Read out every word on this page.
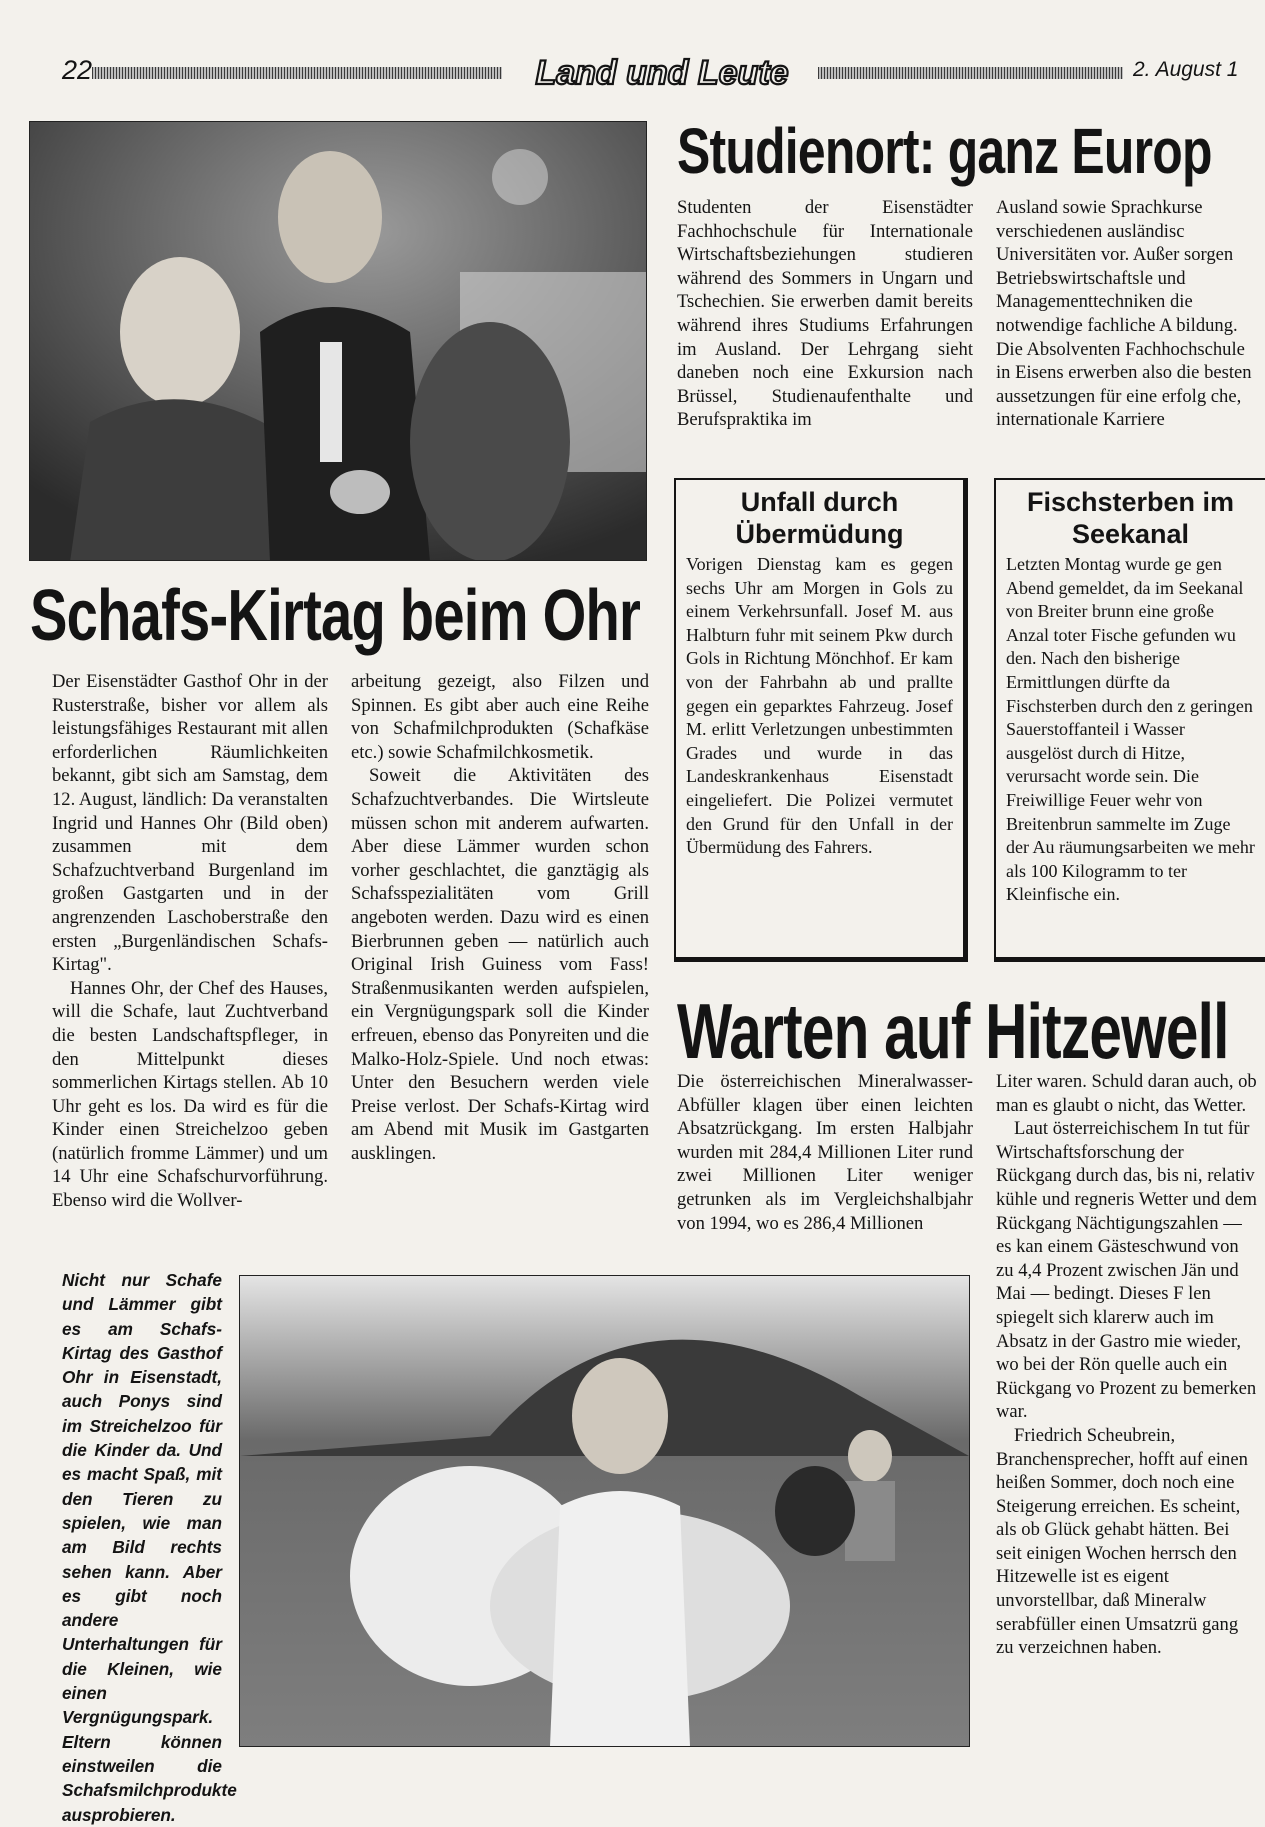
22	Land und Leute	2. August 1
Studienort: ganz Europ
Studenten der Eisenstädter Fachhochschule für Internationale Wirtschaftsbeziehungen studieren während des Sommers in Ungarn und Tschechien. Sie erwerben damit bereits während ihres Studiums Erfahrungen im Ausland. Der Lehrgang sieht daneben noch eine Exkursion nach Brüssel, Studienaufenthalte und Berufspraktika im
Ausland sowie Sprachkurse verschiedenen ausländisc Universitäten vor. Außer sorgen Betriebswirtschaftsle und Managementtechniken die notwendige fachliche A bildung. Die Absolventen Fachhochschule in Eisens erwerben also die besten aussetzungen für eine erfolg che, internationale Karriere
Unfall durch Übermüdung
Vorigen Dienstag kam es gegen sechs Uhr am Morgen in Gols zu einem Verkehrsunfall. Josef M. aus Halbturn fuhr mit seinem Pkw durch Gols in Richtung Mönchhof. Er kam von der Fahrbahn ab und prallte gegen ein geparktes Fahrzeug. Josef M. erlitt Verletzungen unbestimmten Grades und wurde in das Landeskrankenhaus Eisenstadt eingeliefert. Die Polizei vermutet den Grund für den Unfall in der Übermüdung des Fahrers.
Fischsterben im Seekanal
Letzten Montag wurde ge gen Abend gemeldet, da im Seekanal von Breiter brunn eine große Anzal toter Fische gefunden wu den. Nach den bisherige Ermittlungen dürfte da Fischsterben durch den z geringen Sauerstoffanteil i Wasser ausgelöst durch di Hitze, verursacht worde sein. Die Freiwillige Feuer wehr von Breitenbrun sammelte im Zuge der Au räumungsarbeiten we mehr als 100 Kilogramm to ter Kleinfische ein.
Schafs-Kirtag beim Ohr

Der Eisenstädter Gasthof Ohr in der Rusterstraße, bisher vor allem als leistungsfähiges Restaurant mit allen erforderlichen Räumlichkeiten bekannt, gibt sich am Samstag, dem 12. August, ländlich: Da veranstalten Ingrid und Hannes Ohr (Bild oben) zusammen mit dem Schafzuchtverband Burgenland im großen Gastgarten und in der angrenzenden Laschoberstraße den ersten „Burgenländischen Schafs-Kirtag".

Hannes Ohr, der Chef des Hauses, will die Schafe, laut Zuchtverband die besten Landschaftspfleger, in den Mittelpunkt dieses sommerlichen Kirtags stellen. Ab 10 Uhr geht es los. Da wird es für die Kinder einen Streichelzoo geben (natürlich fromme Lämmer) und um 14 Uhr eine Schafschurvorführung. Ebenso wird die Wollver-

arbeitung gezeigt, also Filzen und Spinnen. Es gibt aber auch eine Reihe von Schafmilchprodukten (Schafkäse etc.) sowie Schafmilchkosmetik.

Soweit die Aktivitäten des Schafzuchtverbandes. Die Wirtsleute müssen schon mit anderem aufwarten. Aber diese Lämmer wurden schon vorher geschlachtet, die ganztägig als Schafsspezialitäten vom Grill angeboten werden. Dazu wird es einen Bierbrunnen geben — natürlich auch Original Irish Guiness vom Fass! Straßenmusikanten werden aufspielen, ein Vergnügungspark soll die Kinder erfreuen, ebenso das Ponyreiten und die Malko-Holz-Spiele. Und noch etwas: Unter den Besuchern werden viele Preise verlost. Der Schafs-Kirtag wird am Abend mit Musik im Gastgarten ausklingen.

Nicht nur Schafe und Lämmer gibt es am Schafs-Kirtag des Gasthof Ohr in Eisenstadt, auch Ponys sind im Streichelzoo für die Kinder da. Und es macht Spaß, mit den Tieren zu spielen, wie man am Bild rechts sehen kann. Aber es gibt noch andere Unterhaltungen für die Kleinen, wie einen Vergnügungspark. Eltern können einstweilen die Schafsmilchprodukte ausprobieren.
Warten auf Hitzewell
Die österreichischen Mineralwasser-Abfüller klagen über einen leichten Absatzrückgang. Im ersten Halbjahr wurden mit 284,4 Millionen Liter rund zwei Millionen Liter weniger getrunken als im Vergleichshalbjahr von 1994, wo es 286,4 Millionen

Liter waren. Schuld daran auch, ob man es glaubt o nicht, das Wetter.

Laut österreichischem In tut für Wirtschaftsforschung der Rückgang durch das, bis ni, relativ kühle und regneris Wetter und dem Rückgang Nächtigungszahlen — es kan einem Gästeschwund von zu 4,4 Prozent zwischen Jän und Mai — bedingt. Dieses F len spiegelt sich klarerw auch im Absatz in der Gastro mie wieder, wo bei der Rön quelle auch ein Rückgang vo Prozent zu bemerken war.

Friedrich Scheubrein, Branchensprecher, hofft auf einen heißen Sommer, doch noch eine Steigerung erreichen. Es scheint, als ob Glück gehabt hätten. Bei seit einigen Wochen herrsch den Hitzewelle ist es eigent unvorstellbar, daß Mineralw serabfüller einen Umsatzrü gang zu verzeichnen haben.
